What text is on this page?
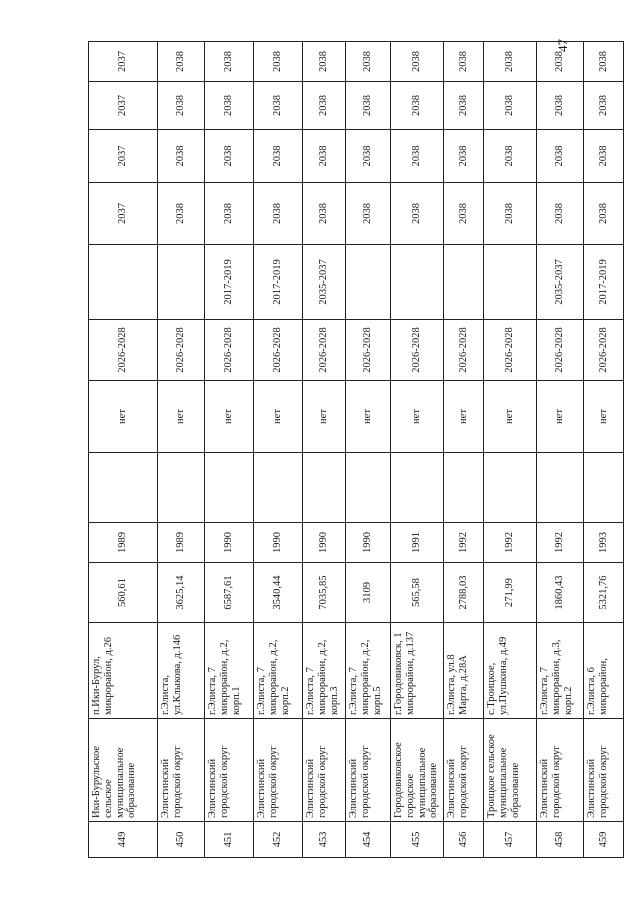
47
449	Ики-Бурульское сельское муниципальное образование	п.Ики-Бурул, микрорайон, д.26	560,61	1989		нет	2026-2028		2037	2037	2037	2037
450	Элистинский городской округ	г.Элиста, ул.Клыкова, д.146	3625,14	1989		нет	2026-2028		2038	2038	2038	2038
451	Элистинский городской округ	г.Элиста, 7 микрорайон, д.2, корп.1	6587,61	1990		нет	2026-2028	2017-2019	2038	2038	2038	2038
452	Элистинский городской округ	г.Элиста, 7 микрорайон, д.2, корп.2	3540,44	1990		нет	2026-2028	2017-2019	2038	2038	2038	2038
453	Элистинский городской округ	г.Элиста, 7 микрорайон, д.2, корп.3	7035,85	1990		нет	2026-2028	2035-2037	2038	2038	2038	2038
454	Элистинский городской округ	г.Элиста, 7 микрорайон, д.2, корп.5	3109	1990		нет	2026-2028		2038	2038	2038	2038
455	Городовиковское городское муниципальное образование	г.Городовиковск, 1 микрорайон, д.137	565,58	1991		нет	2026-2028		2038	2038	2038	2038
456	Элистинский городской округ	г.Элиста, ул.8 Марта, д.28А	2788,03	1992		нет	2026-2028		2038	2038	2038	2038
457	Троицкое сельское муниципальное образование	с.Троицкое, ул.Пушкина, д.49	271,99	1992		нет	2026-2028		2038	2038	2038	2038
458	Элистинский городской округ	г.Элиста, 7 микрорайон, д.3, корп.2	1860,43	1992		нет	2026-2028	2035-2037	2038	2038	2038	2038
459	Элистинский городской округ	г.Элиста, 6 микрорайон,	5321,76	1993		нет	2026-2028	2017-2019	2038	2038	2038	2038
